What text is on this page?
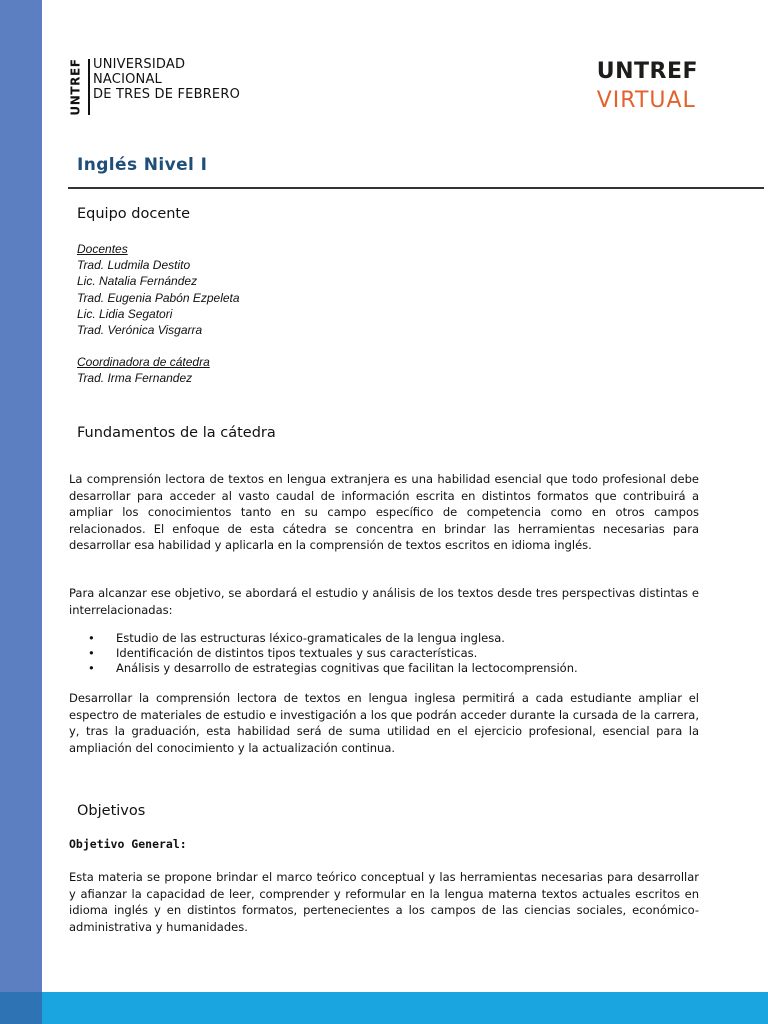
UNTREF UNIVERSIDAD
NACIONAL
DE TRES DE FEBRERO
UNTREF
VIRTUAL
Inglés Nivel I
Equipo docente
Docentes
Trad. Ludmila Destito
Lic. Natalia Fernández
Trad. Eugenia Pabón Ezpeleta
Lic. Lidia Segatori
Trad. Verónica Visgarra
Coordinadora de cátedra
Trad. Irma Fernandez
Fundamentos de la cátedra
La comprensión lectora de textos en lengua extranjera es una habilidad esencial que todo profesional debe desarrollar para acceder al vasto caudal de información escrita en distintos formatos que contribuirá a ampliar los conocimientos tanto en su campo específico de competencia como en otros campos relacionados. El enfoque de esta cátedra se concentra en brindar las herramientas necesarias para desarrollar esa habilidad y aplicarla en la comprensión de textos escritos en idioma inglés.
Para alcanzar ese objetivo, se abordará el estudio y análisis de los textos desde tres perspectivas distintas e interrelacionadas:
•	Estudio de las estructuras léxico-gramaticales de la lengua inglesa.
•	Identificación de distintos tipos textuales y sus características.
•	Análisis y desarrollo de estrategias cognitivas que facilitan la lectocomprensión.
Desarrollar la comprensión lectora de textos en lengua inglesa permitirá a cada estudiante ampliar el espectro de materiales de estudio e investigación a los que podrán acceder durante la cursada de la carrera, y, tras la graduación, esta habilidad será de suma utilidad en el ejercicio profesional, esencial para la ampliación del conocimiento y la actualización continua.
Objetivos
Objetivo General:
Esta materia se propone brindar el marco teórico conceptual y las herramientas necesarias para desarrollar y afianzar la capacidad de leer, comprender y reformular en la lengua materna textos actuales escritos en idioma inglés y en distintos formatos, pertenecientes a los campos de las ciencias sociales, económico-administrativa y humanidades.
